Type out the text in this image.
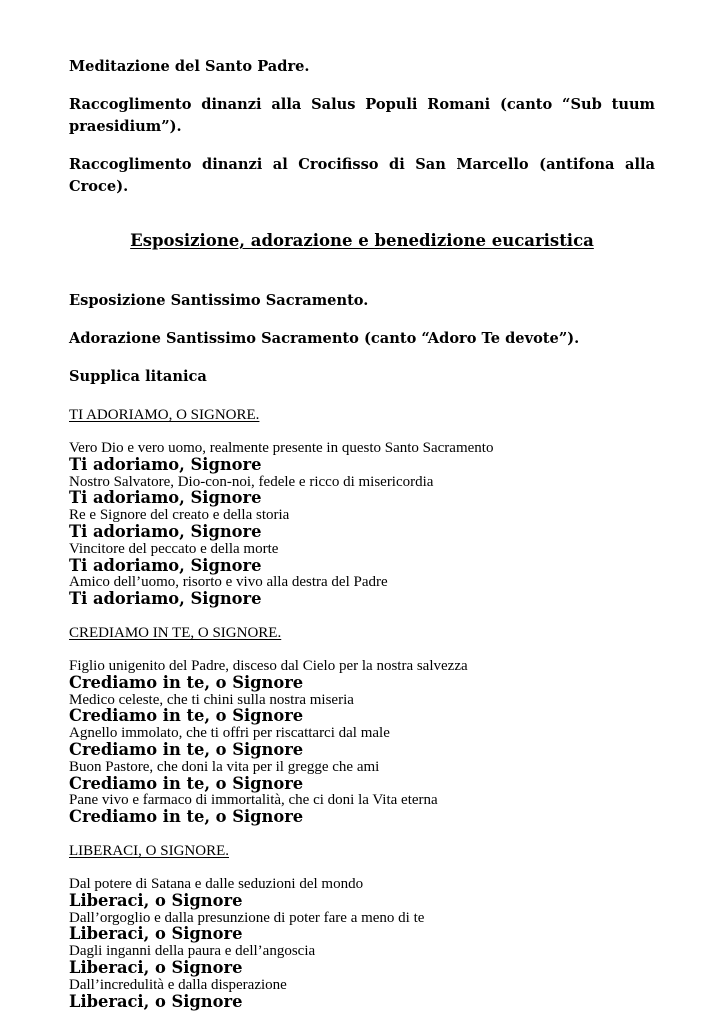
Meditazione del Santo Padre.

Raccoglimento dinanzi alla Salus Populi Romani (canto “Sub tuum praesidium”).

Raccoglimento dinanzi al Crocifisso di San Marcello (antifona alla Croce).

Esposizione, adorazione e benedizione eucaristica

Esposizione Santissimo Sacramento.

Adorazione Santissimo Sacramento (canto “Adoro Te devote”).

Supplica litanica

TI ADORIAMO, O SIGNORE.
Vero Dio e vero uomo, realmente presente in questo Santo Sacramento
Ti adoriamo, Signore
Nostro Salvatore, Dio-con-noi, fedele e ricco di misericordia
Ti adoriamo, Signore
Re e Signore del creato e della storia
Ti adoriamo, Signore
Vincitore del peccato e della morte
Ti adoriamo, Signore
Amico dell’uomo, risorto e vivo alla destra del Padre
Ti adoriamo, Signore
CREDIAMO IN TE, O SIGNORE.
Figlio unigenito del Padre, disceso dal Cielo per la nostra salvezza
Crediamo in te, o Signore
Medico celeste, che ti chini sulla nostra miseria
Crediamo in te, o Signore
Agnello immolato, che ti offri per riscattarci dal male
Crediamo in te, o Signore
Buon Pastore, che doni la vita per il gregge che ami
Crediamo in te, o Signore
Pane vivo e farmaco di immortalità, che ci doni la Vita eterna
Crediamo in te, o Signore
LIBERACI, O SIGNORE.
Dal potere di Satana e dalle seduzioni del mondo
Liberaci, o Signore
Dall’orgoglio e dalla presunzione di poter fare a meno di te
Liberaci, o Signore
Dagli inganni della paura e dell’angoscia
Liberaci, o Signore
Dall’incredulità e dalla disperazione
Liberaci, o Signore
